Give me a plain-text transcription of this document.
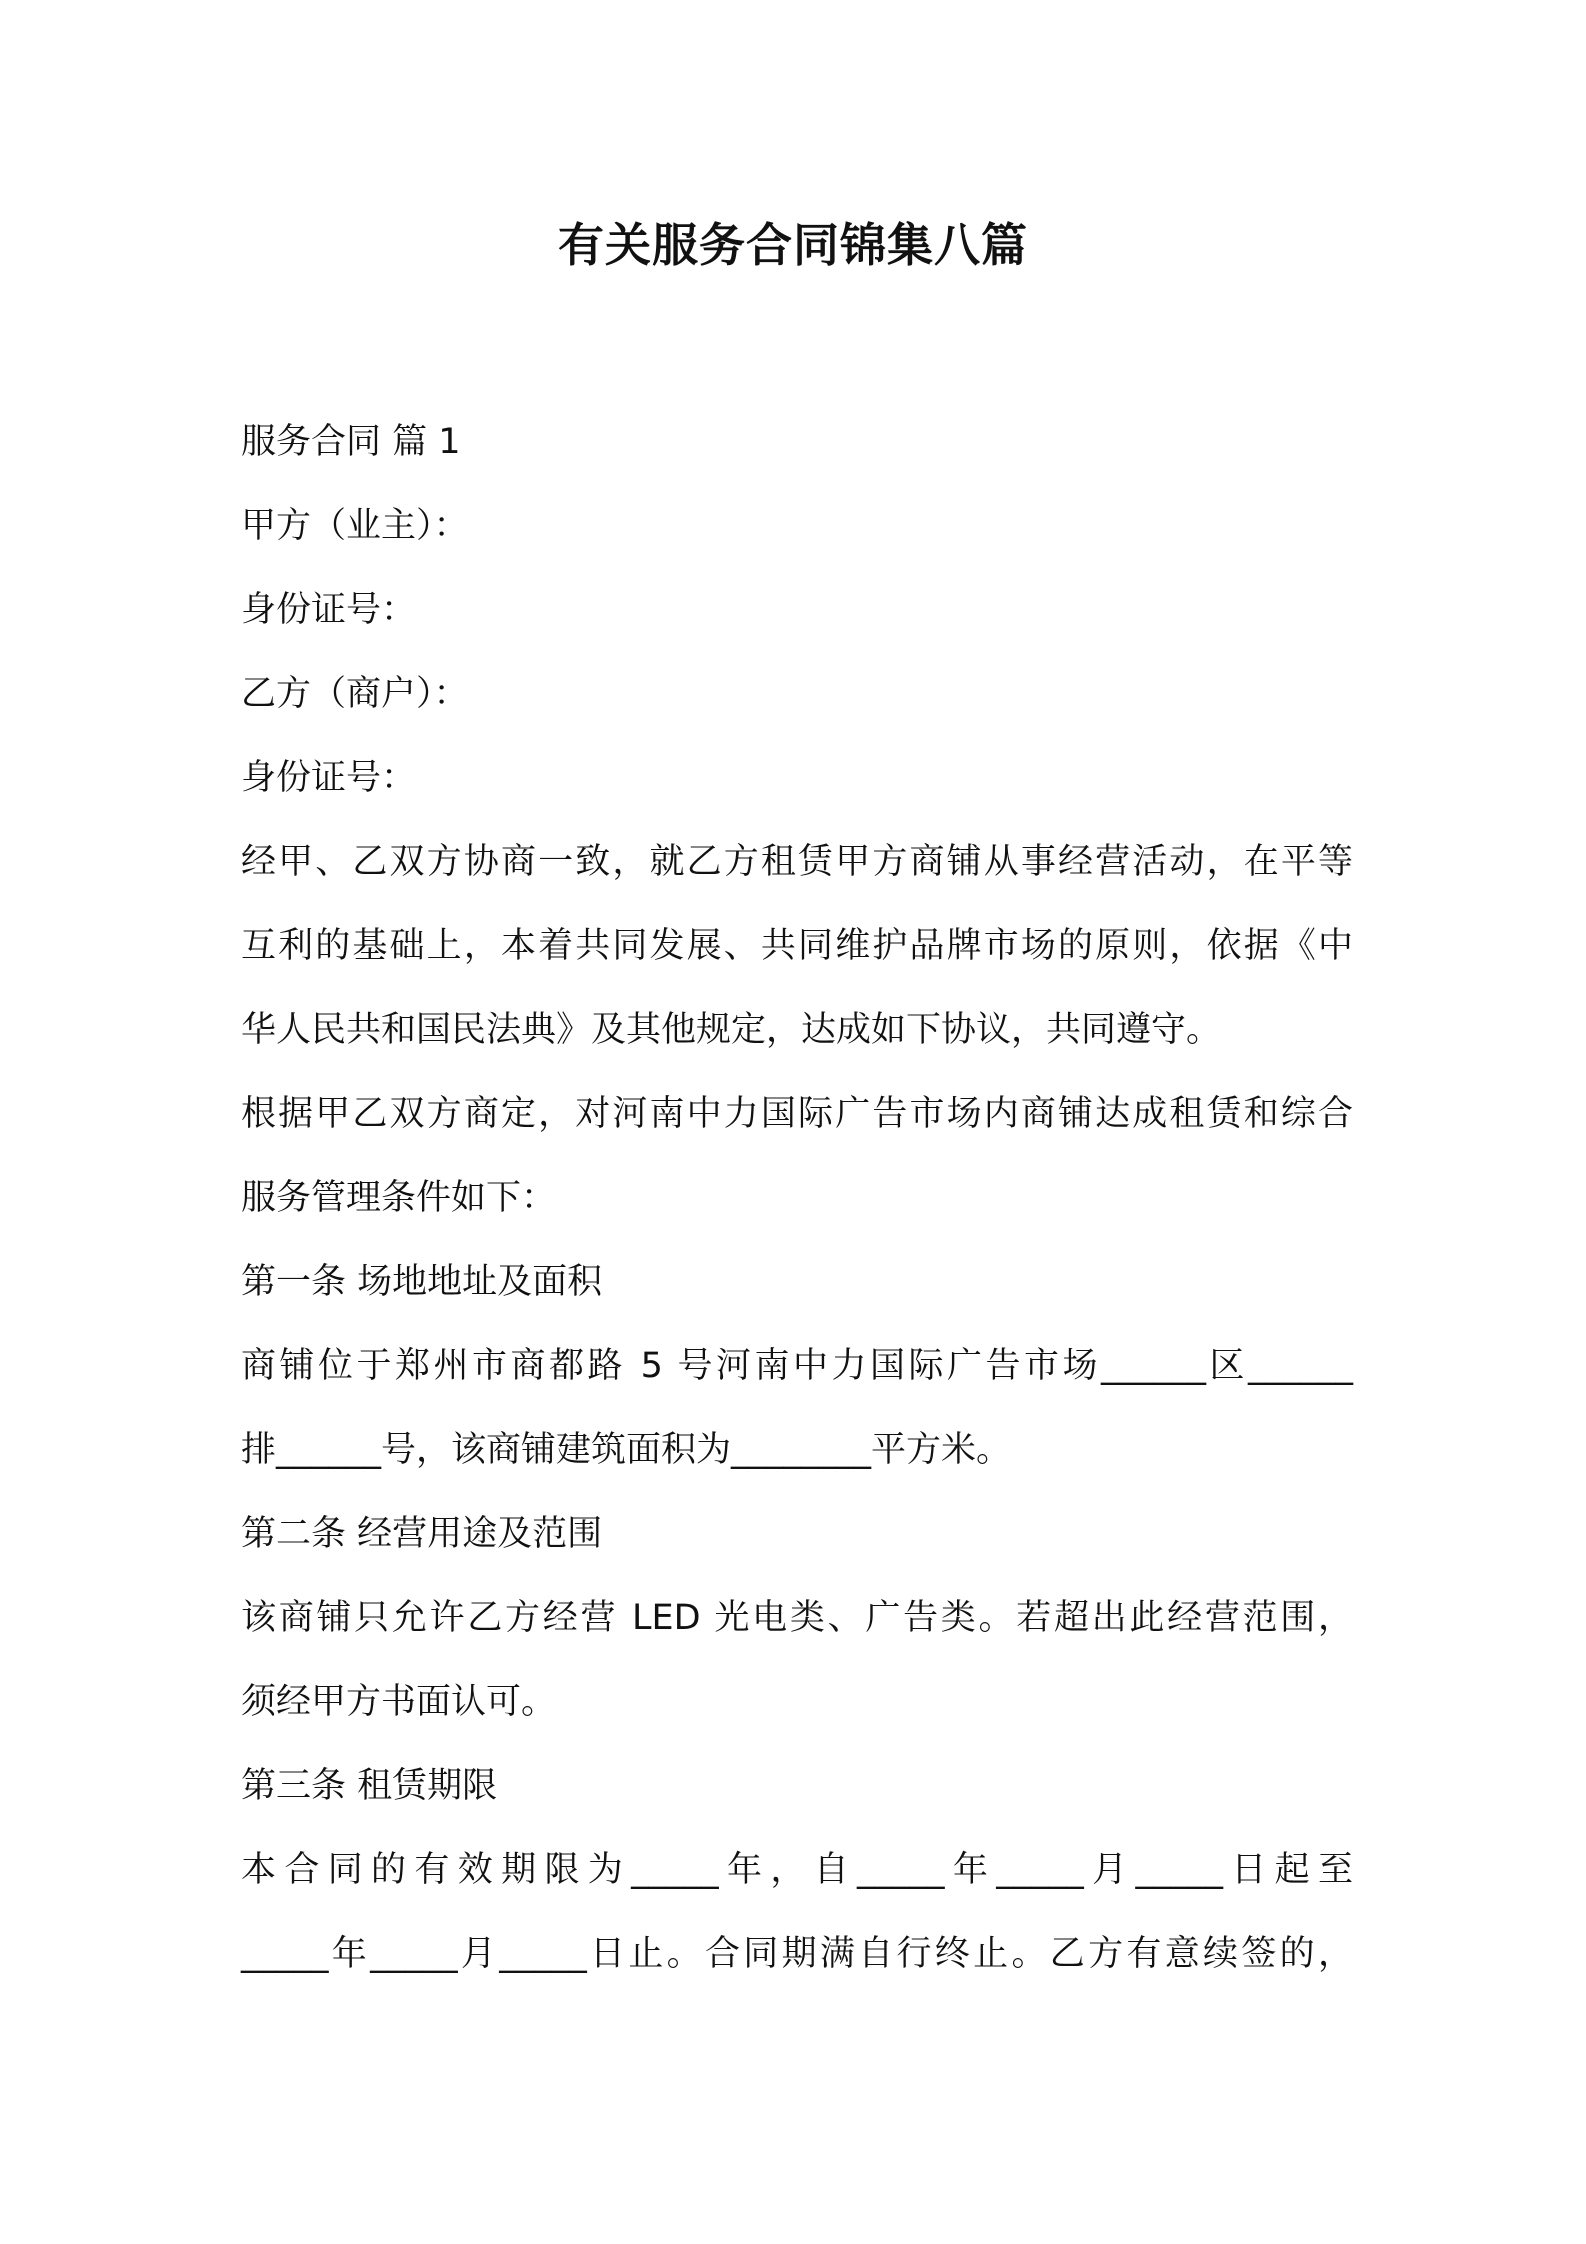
有关服务合同锦集八篇

服务合同 篇 1

甲方（业主）：

身份证号：

乙方（商户）：

身份证号：

经甲、乙双方协商一致，就乙方租赁甲方商铺从事经营活动，在平等

互利的基础上，本着共同发展、共同维护品牌市场的原则，依据《中

华人民共和国民法典》及其他规定，达成如下协议，共同遵守。

根据甲乙双方商定，对河南中力国际广告市场内商铺达成租赁和综合

服务管理条件如下：

第一条 场地地址及面积

商铺位于郑州市商都路 5 号河南中力国际广告市场______区______

排______号，该商铺建筑面积为________平方米。

第二条 经营用途及范围

该商铺只允许乙方经营 LED 光电类、广告类。若超出此经营范围，

须经甲方书面认可。

第三条 租赁期限

本合同的有效期限为_____年，自_____年_____月_____日起至

_____年_____月_____日止。合同期满自行终止。乙方有意续签的，
